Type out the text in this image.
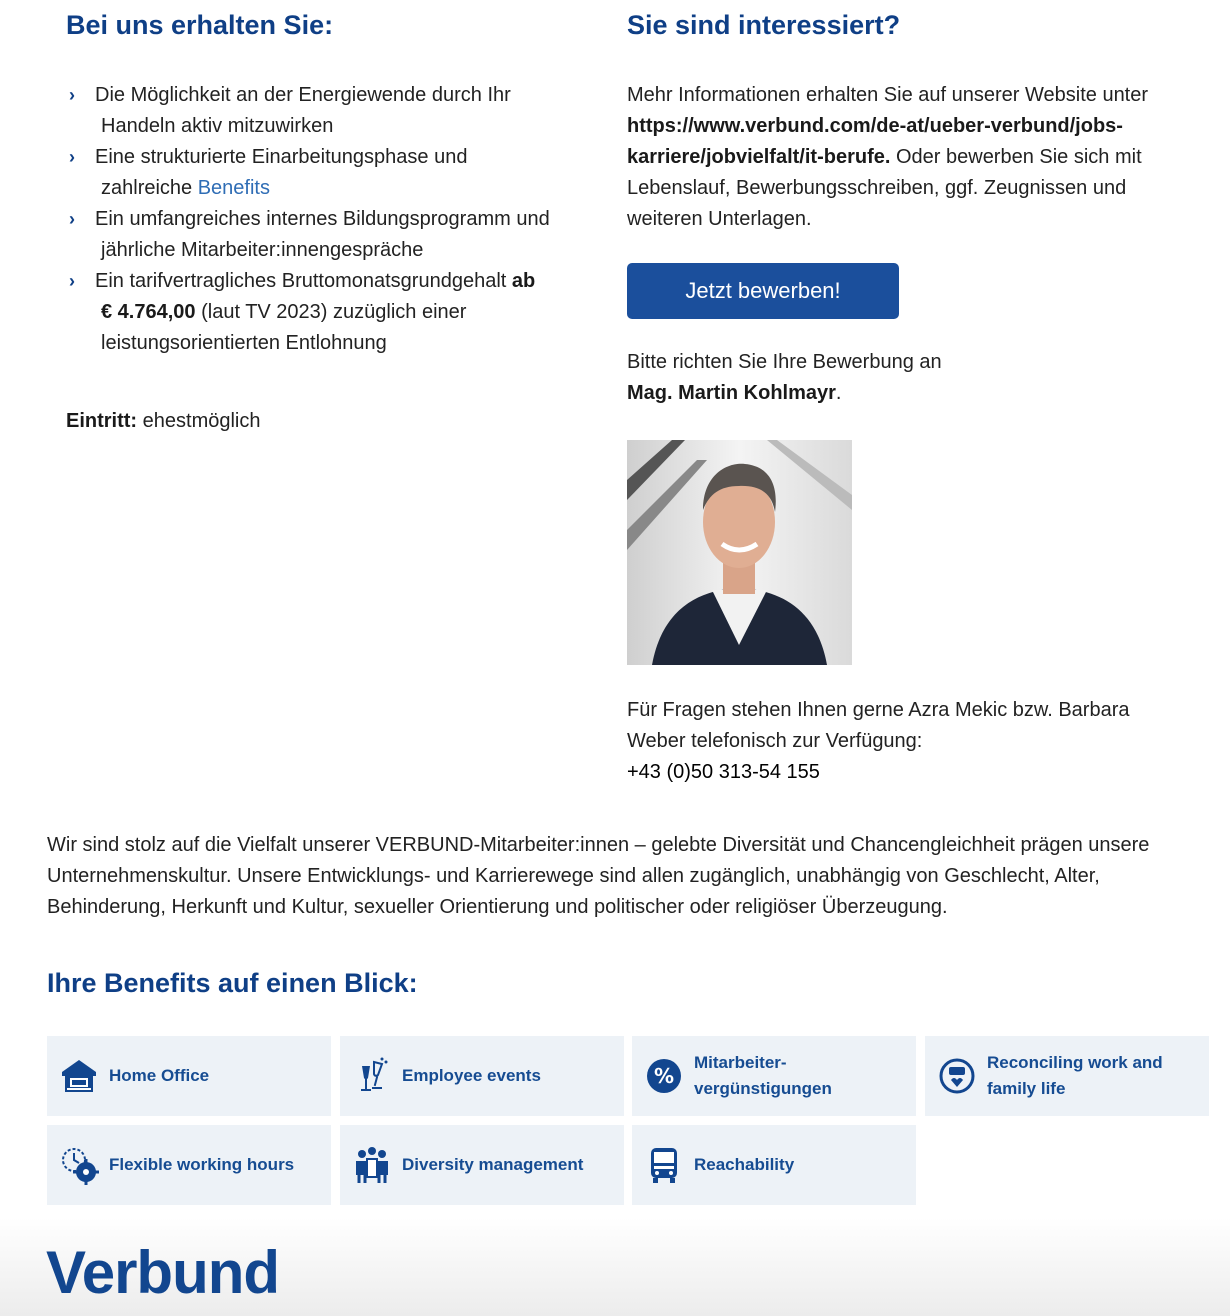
Bei uns erhalten Sie:
› Die Möglichkeit an der Energiewende durch Ihr
Handeln aktiv mitzuwirken
› Eine strukturierte Einarbeitungsphase und
zahlreiche Benefits
› Ein umfangreiches internes Bildungsprogramm und
jährliche Mitarbeiter:innengespräche
› Ein tarifvertragliches Bruttomonatsgrundgehalt ab
€ 4.764,00 (laut TV 2023) zuzüglich einer
leistungsorientierten Entlohnung
Eintritt: ehestmöglich
Sie sind interessiert?
Mehr Informationen erhalten Sie auf unserer Website unter https://www.verbund.com/de-at/ueber-verbund/jobs-karriere/jobvielfalt/it-berufe. Oder bewerben Sie sich mit Lebenslauf, Bewerbungsschreiben, ggf. Zeugnissen und weiteren Unterlagen.
Jetzt bewerben!
Bitte richten Sie Ihre Bewerbung an
Mag. Martin Kohlmayr.
Für Fragen stehen Ihnen gerne Azra Mekic bzw. Barbara Weber telefonisch zur Verfügung:
+43 (0)50 313-54 155
Wir sind stolz auf die Vielfalt unserer VERBUND-Mitarbeiter:innen – gelebte Diversität und Chancengleichheit prägen unsere Unternehmenskultur. Unsere Entwicklungs- und Karrierewege sind allen zugänglich, unabhängig von Geschlecht, Alter, Behinderung, Herkunft und Kultur, sexueller Orientierung und politischer oder religiöser Überzeugung.
Ihre Benefits auf einen Blick:
Home Office	Employee events	%
Mitarbeiter-vergünstigungen
Reconciling work and family life
Flexible working hours	Diversity management	Reachability
Verbund
